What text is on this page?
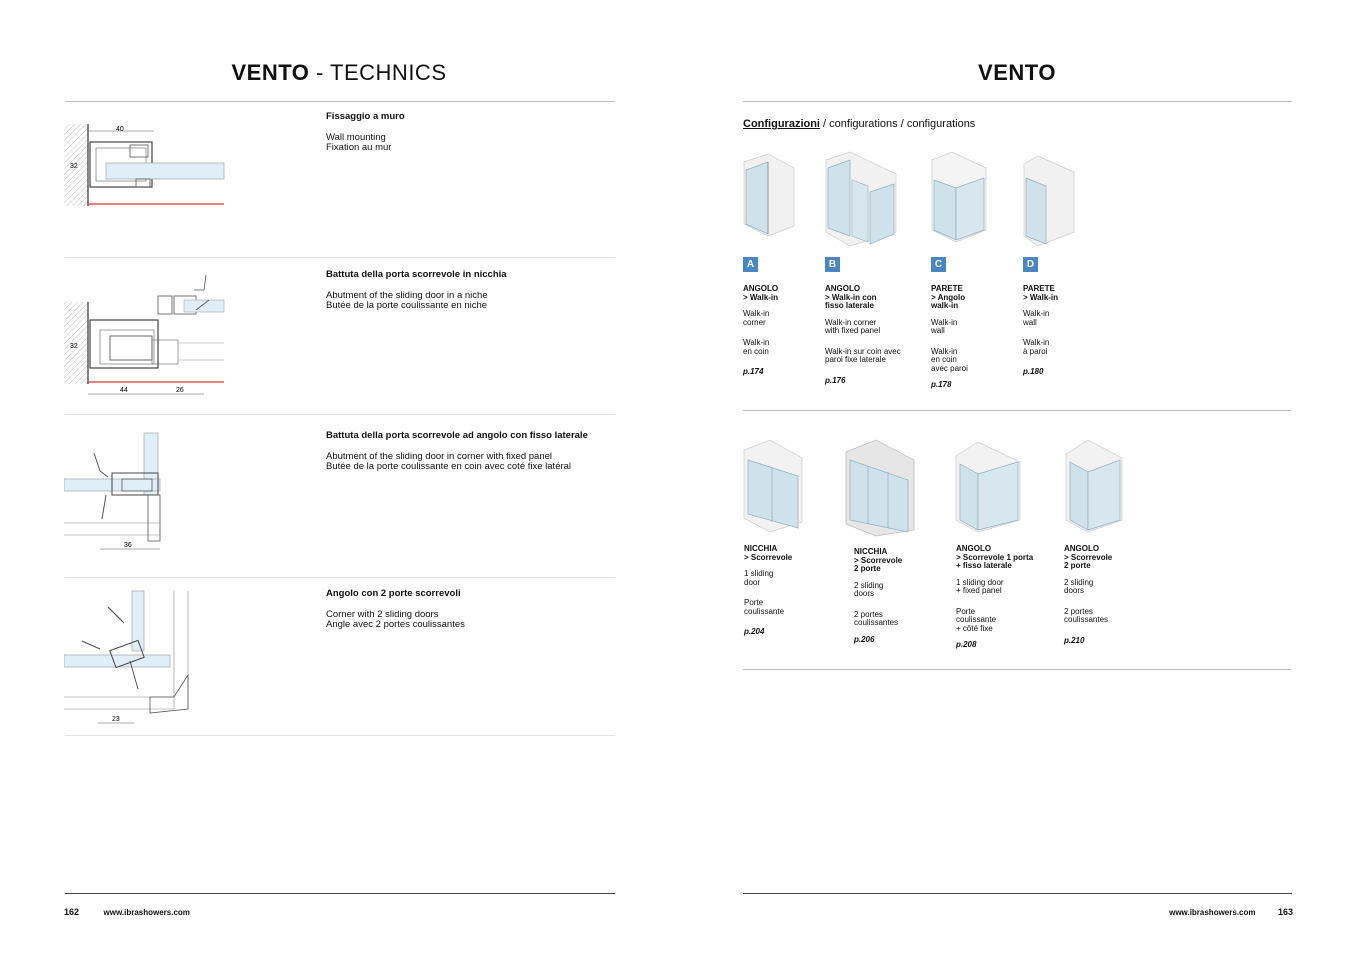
VENTO - TECHNICS
40
32
Fissaggio a muro
Wall mounting
Fixation au mur
32
44	26
Battuta della porta scorrevole in nicchia
Abutment of the sliding door in a niche
Butée de la porte coulissante en niche
36
Battuta della porta scorrevole ad angolo con fisso laterale
Abutment of the sliding door in corner with fixed panel
Butée de la porte coulissante en coin avec coté fixe latéral
23
Angolo con 2 porte scorrevoli
Corner with 2 sliding doors
Angle avec 2 portes coulissantes
162	www.ibrashowers.com
VENTO
Configurazioni / configurations / configurations
A
ANGOLO
> Walk-in
Walk-in
corner
Walk-in
en coin
p.174
B
ANGOLO
> Walk-in con
fisso laterale
Walk-in corner
with fixed panel
Walk-in sur coin avec
paroi fixe laterale
p.176
C
PARETE
> Angolo
walk-in
Walk-in
wall
Walk-in
en coin
avec paroi
p.178
D
PARETE
> Walk-in
Walk-in
wall
Walk-in
à paroi
p.180
NICCHIA
> Scorrevole
1 sliding
door
Porte
coulissante
p.204
NICCHIA
> Scorrevole
2 porte
2 sliding
doors
2 portes
coulissantes
p.206
ANGOLO
> Scorrevole 1 porta
+ fisso laterale
1 sliding door
+ fixed panel
Porte
coulissante
+ côté fixe
p.208
ANGOLO
> Scorrevole
2 porte
2 sliding
doors
2 portes
coulissantes
p.210
www.ibrashowers.com 163
